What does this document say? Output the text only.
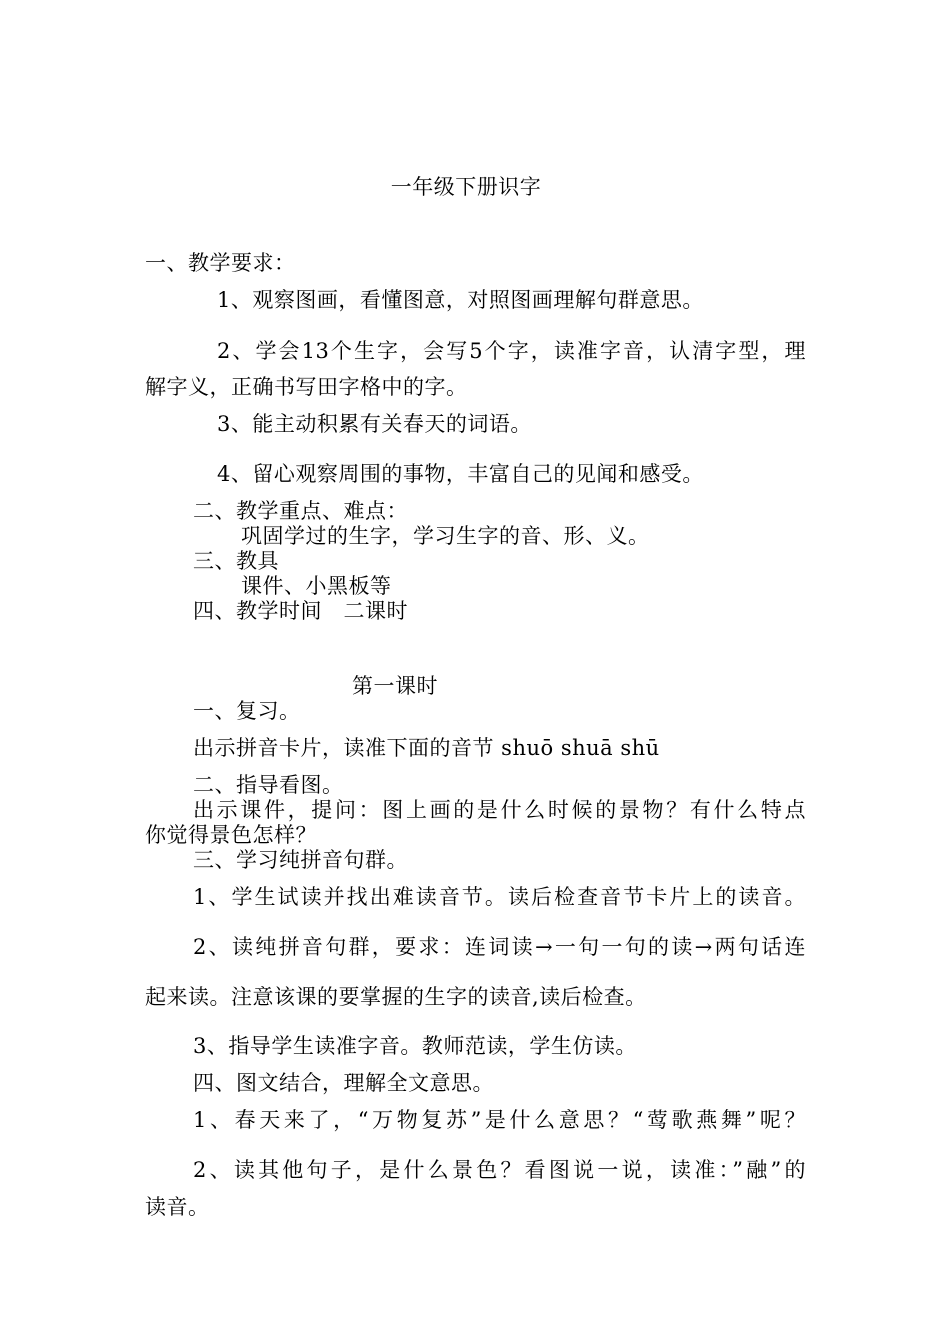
一年级下册识字
一、教学要求：
1、观察图画，看懂图意，对照图画理解句群意思。
2、学会13个生字，会写5个字，读准字音，认清字型，理
解字义，正确书写田字格中的字。
3、能主动积累有关春天的词语。
4、留心观察周围的事物，丰富自己的见闻和感受。
二、教学重点、难点：
巩固学过的生字，学习生字的音、形、义。
三、教具
课件、小黑板等
四、教学时间　二课时
第一课时
一、复习。
出示拼音卡片，读准下面的音节 shuō shuā shū
二、指导看图。
出示课件，提问：图上画的是什么时候的景物？有什么特点
你觉得景色怎样？
三、学习纯拼音句群。
1、学生试读并找出难读音节。读后检查音节卡片上的读音。
2、读纯拼音句群，要求：连词读→一句一句的读→两句话连
起来读。注意该课的要掌握的生字的读音,读后检查。
3、指导学生读准字音。教师范读，学生仿读。
四、图文结合，理解全文意思。
1、春天来了，“万物复苏”是什么意思？“莺歌燕舞”呢？
2、读其他句子，是什么景色？看图说一说，读准：”融”的
读音。
